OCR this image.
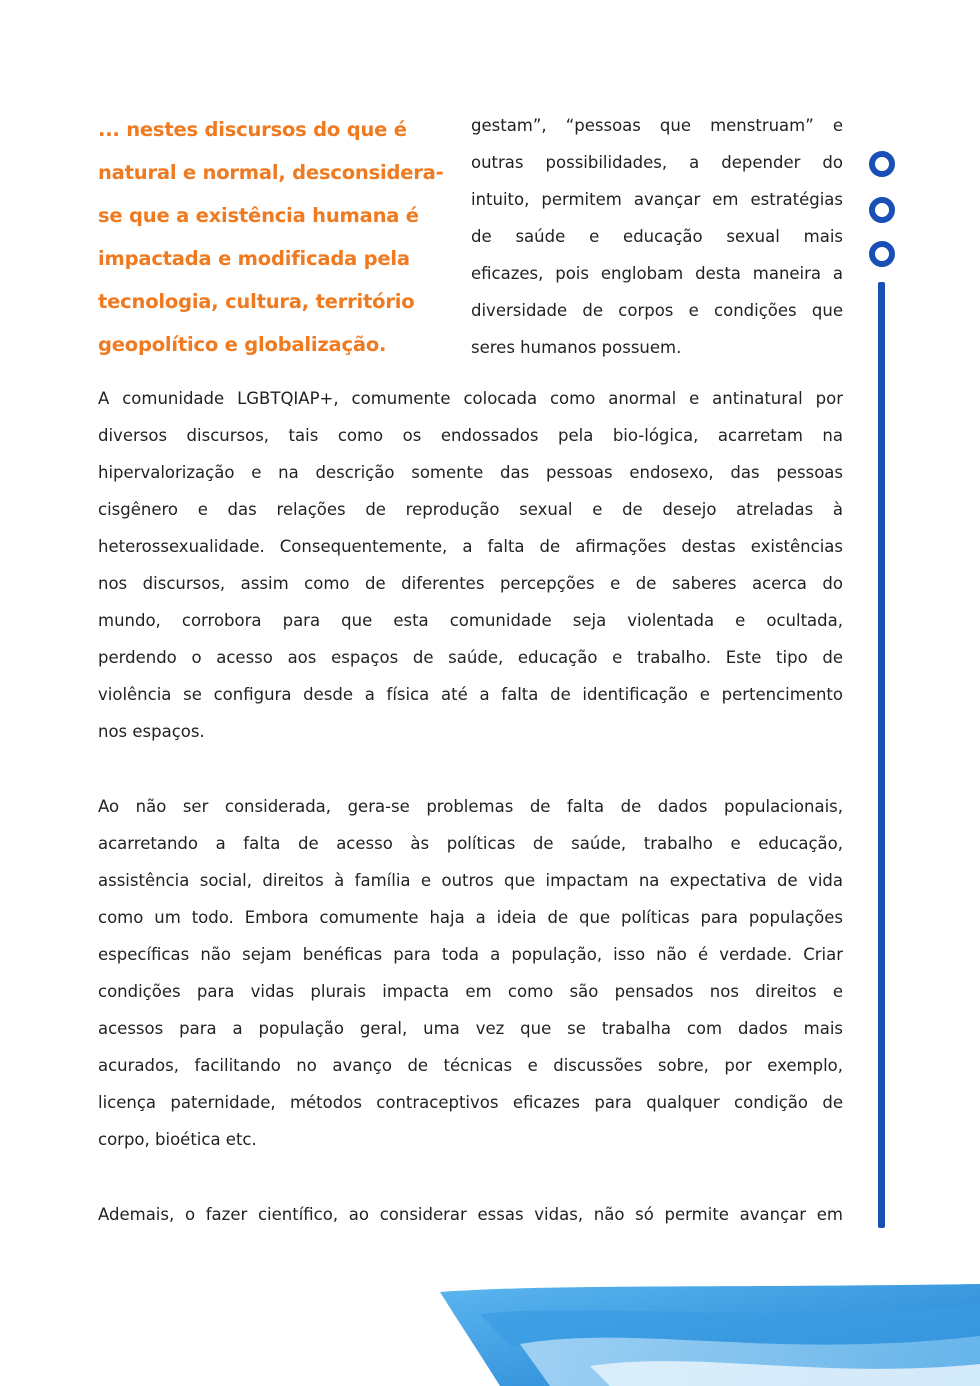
... nestes discursos do que é
natural e normal, desconsidera-
se que a existência humana é
impactada e modificada pela
tecnologia, cultura, território
geopolítico e globalização.
gestam”, “pessoas que menstruam” e
outras possibilidades, a depender do
intuito, permitem avançar em estratégias
de saúde e educação sexual mais
eficazes, pois englobam desta maneira a
diversidade de corpos e condições que
seres humanos possuem.
A comunidade LGBTQIAP+, comumente colocada como anormal e antinatural por
diversos discursos, tais como os endossados pela bio-lógica, acarretam na
hipervalorização e na descrição somente das pessoas endosexo, das pessoas
cisgênero e das relações de reprodução sexual e de desejo atreladas à
heterossexualidade. Consequentemente, a falta de afirmações destas existências
nos discursos, assim como de diferentes percepções e de saberes acerca do
mundo, corrobora para que esta comunidade seja violentada e ocultada,
perdendo o acesso aos espaços de saúde, educação e trabalho. Este tipo de
violência se configura desde a física até a falta de identificação e pertencimento
nos espaços.
Ao não ser considerada, gera-se problemas de falta de dados populacionais,
acarretando a falta de acesso às políticas de saúde, trabalho e educação,
assistência social, direitos à família e outros que impactam na expectativa de vida
como um todo. Embora comumente haja a ideia de que políticas para populações
específicas não sejam benéficas para toda a população, isso não é verdade. Criar
condições para vidas plurais impacta em como são pensados nos direitos e
acessos para a população geral, uma vez que se trabalha com dados mais
acurados, facilitando no avanço de técnicas e discussões sobre, por exemplo,
licença paternidade, métodos contraceptivos eficazes para qualquer condição de
corpo, bioética etc.
Ademais, o fazer científico, ao considerar essas vidas, não só permite avançar em
